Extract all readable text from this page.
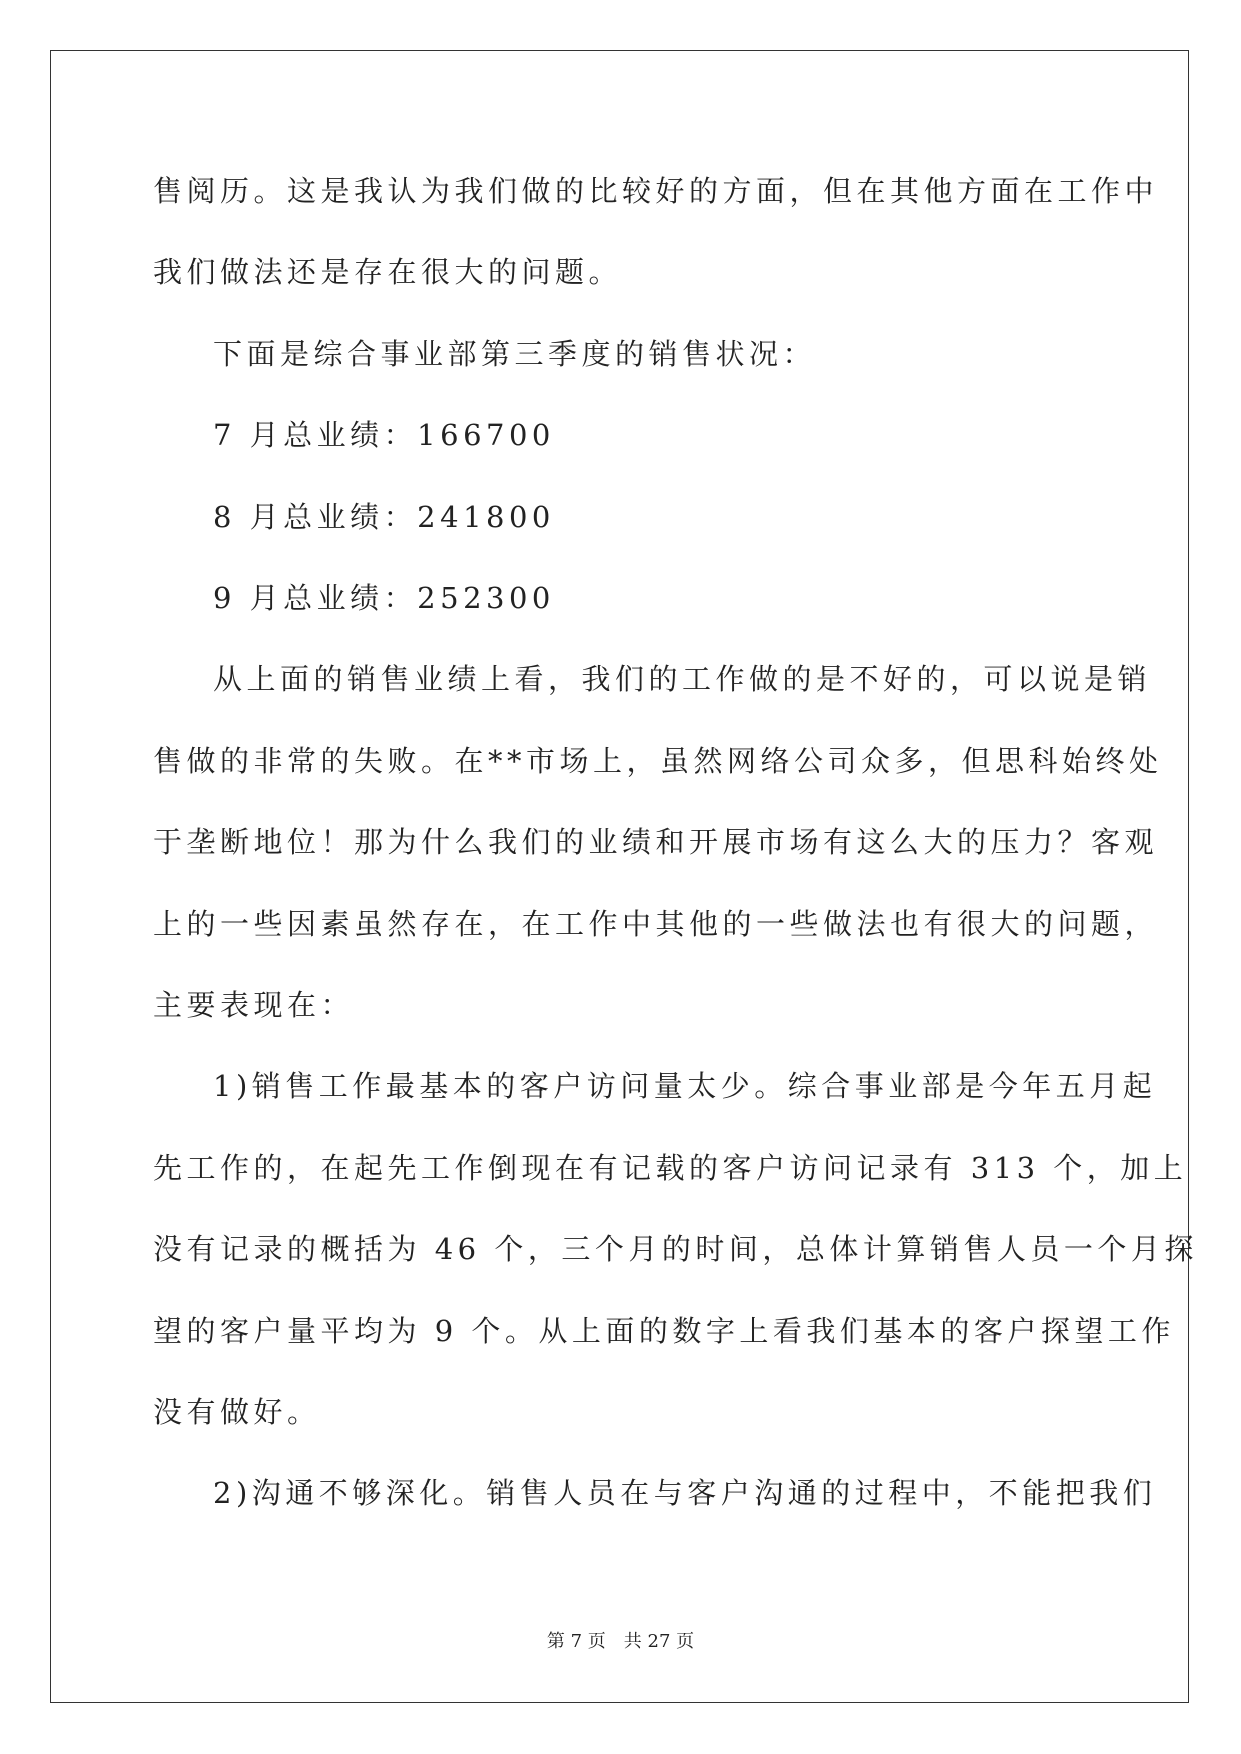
售阅历。这是我认为我们做的比较好的方面，但在其他方面在工作中

我们做法还是存在很大的问题。

下面是综合事业部第三季度的销售状况：

7 月总业绩：166700

8 月总业绩：241800

9 月总业绩：252300

从上面的销售业绩上看，我们的工作做的是不好的，可以说是销

售做的非常的失败。在**市场上，虽然网络公司众多，但思科始终处

于垄断地位！那为什么我们的业绩和开展市场有这么大的压力？客观

上的一些因素虽然存在，在工作中其他的一些做法也有很大的问题，

主要表现在：

1)销售工作最基本的客户访问量太少。综合事业部是今年五月起

先工作的，在起先工作倒现在有记载的客户访问记录有 313 个，加上

没有记录的概括为 46 个，三个月的时间，总体计算销售人员一个月探

望的客户量平均为 9 个。从上面的数字上看我们基本的客户探望工作

没有做好。

2)沟通不够深化。销售人员在与客户沟通的过程中，不能把我们

第 7 页 共 27 页
